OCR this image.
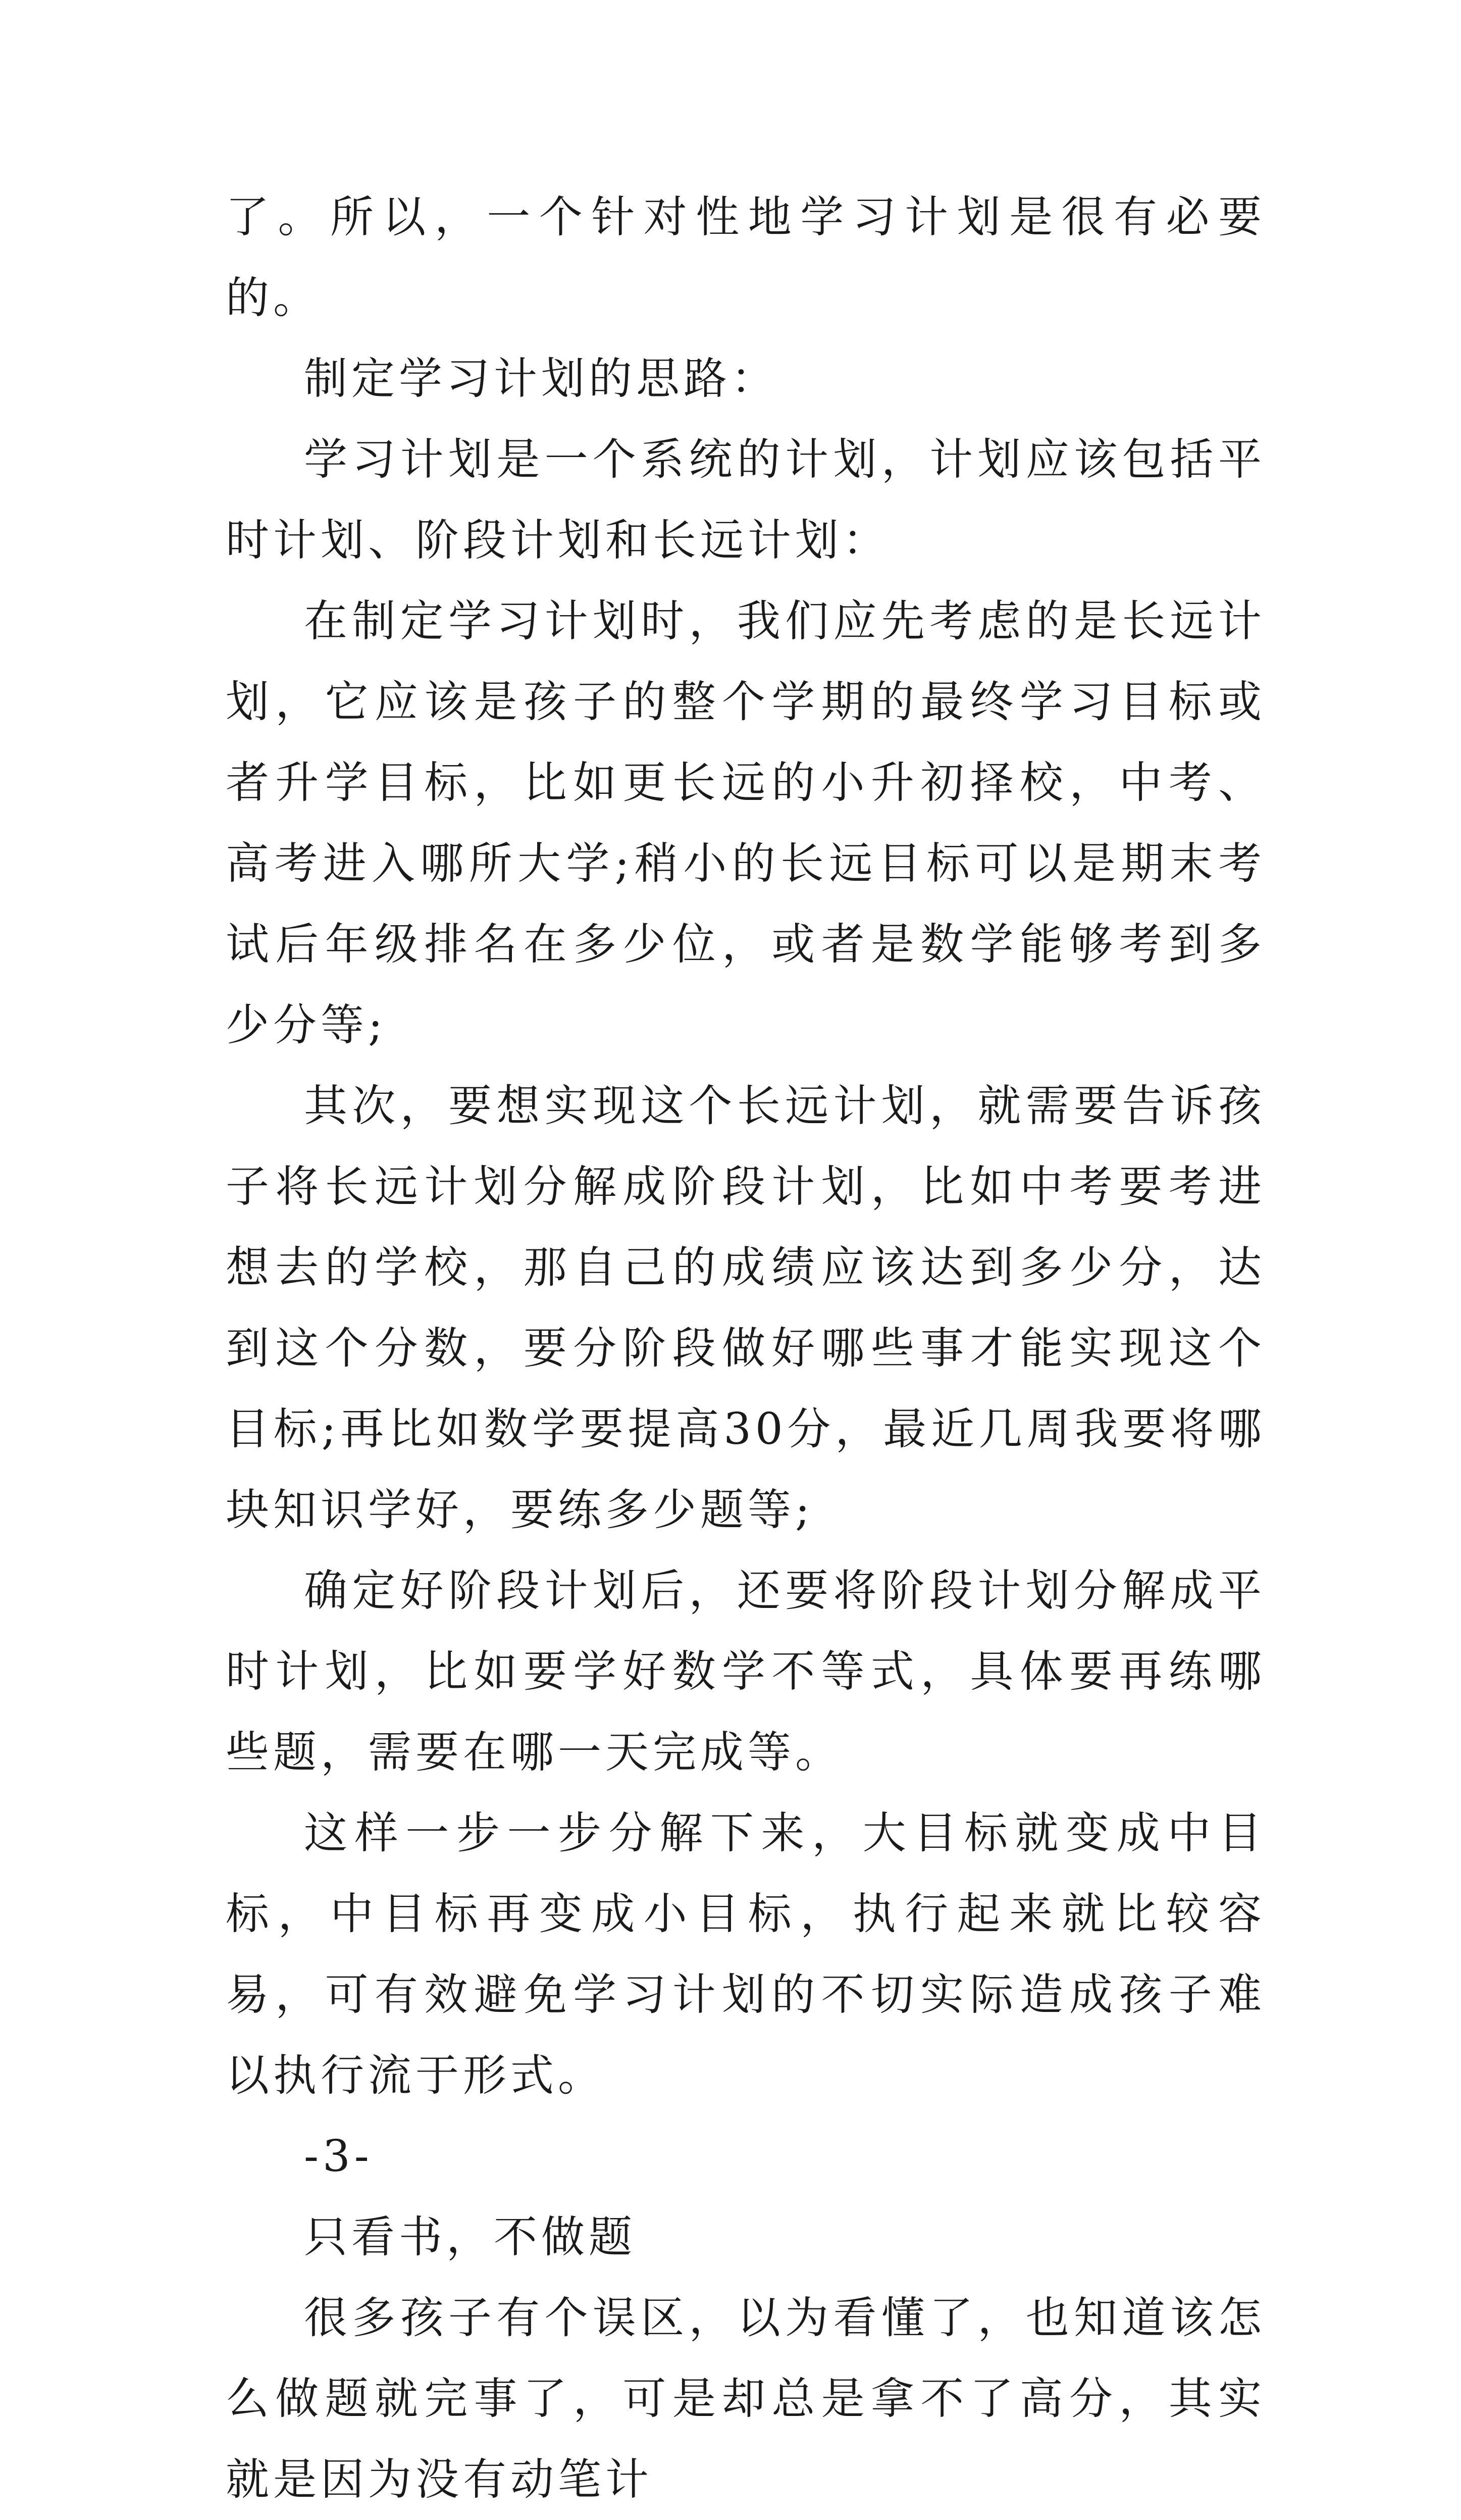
了。所以，一个针对性地学习计划是很有必要的。

制定学习计划的思路：

学习计划是一个系统的计划，计划应该包括平时计划、阶段计划和长远计划：

在制定学习计划时，我们应先考虑的是长远计划，它应该是孩子的整个学期的最终学习目标或者升学目标，比如更长远的小升初择校，中考、高考进入哪所大学;稍小的长远目标可以是期末考试后年级排名在多少位，或者是数学能够考到多少分等;

其次，要想实现这个长远计划，就需要告诉孩子将长远计划分解成阶段计划，比如中考要考进想去的学校，那自己的成绩应该达到多少分，达到这个分数，要分阶段做好哪些事才能实现这个目标;再比如数学要提高30分，最近几周我要将哪块知识学好，要练多少题等;

确定好阶段计划后，还要将阶段计划分解成平时计划，比如要学好数学不等式，具体要再练哪些题，需要在哪一天完成等。

这样一步一步分解下来，大目标就变成中目标，中目标再变成小目标，执行起来就比较容易，可有效避免学习计划的不切实际造成孩子难以执行流于形式。

-3-

只看书，不做题

很多孩子有个误区，以为看懂了，也知道该怎么做题就完事了，可是却总是拿不了高分，其实就是因为没有动笔计
